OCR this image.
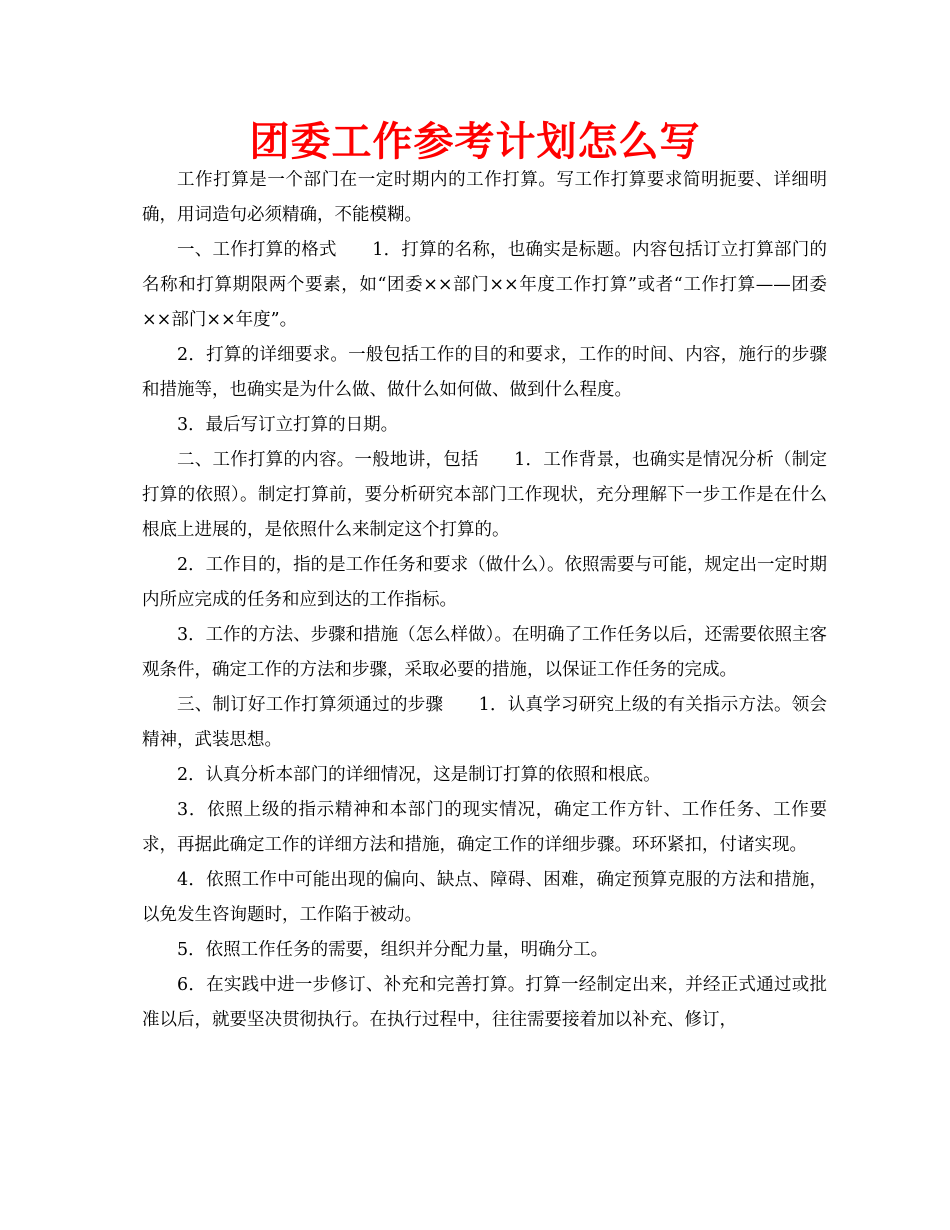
团委工作参考计划怎么写

工作打算是一个部门在一定时期内的工作打算。写工作打算要求简明扼要、详细明确，用词造句必须精确，不能模糊。

一、工作打算的格式　　1．打算的名称，也确实是标题。内容包括订立打算部门的名称和打算期限两个要素，如“团委××部门××年度工作打算”或者“工作打算——团委××部门××年度”。

2．打算的详细要求。一般包括工作的目的和要求，工作的时间、内容，施行的步骤和措施等，也确实是为什么做、做什么如何做、做到什么程度。

3．最后写订立打算的日期。

二、工作打算的内容。一般地讲，包括　　1．工作背景，也确实是情况分析（制定打算的依照）。制定打算前，要分析研究本部门工作现状，充分理解下一步工作是在什么根底上进展的，是依照什么来制定这个打算的。

2．工作目的，指的是工作任务和要求（做什么）。依照需要与可能，规定出一定时期内所应完成的任务和应到达的工作指标。

3．工作的方法、步骤和措施（怎么样做）。在明确了工作任务以后，还需要依照主客观条件，确定工作的方法和步骤，采取必要的措施，以保证工作任务的完成。

三、制订好工作打算须通过的步骤　　1．认真学习研究上级的有关指示方法。领会精神，武装思想。

2．认真分析本部门的详细情况，这是制订打算的依照和根底。

3．依照上级的指示精神和本部门的现实情况，确定工作方针、工作任务、工作要求，再据此确定工作的详细方法和措施，确定工作的详细步骤。环环紧扣，付诸实现。

4．依照工作中可能出现的偏向、缺点、障碍、困难，确定预算克服的方法和措施，以免发生咨询题时，工作陷于被动。

5．依照工作任务的需要，组织并分配力量，明确分工。

6．在实践中进一步修订、补充和完善打算。打算一经制定出来，并经正式通过或批准以后，就要坚决贯彻执行。在执行过程中，往往需要接着加以补充、修订，
